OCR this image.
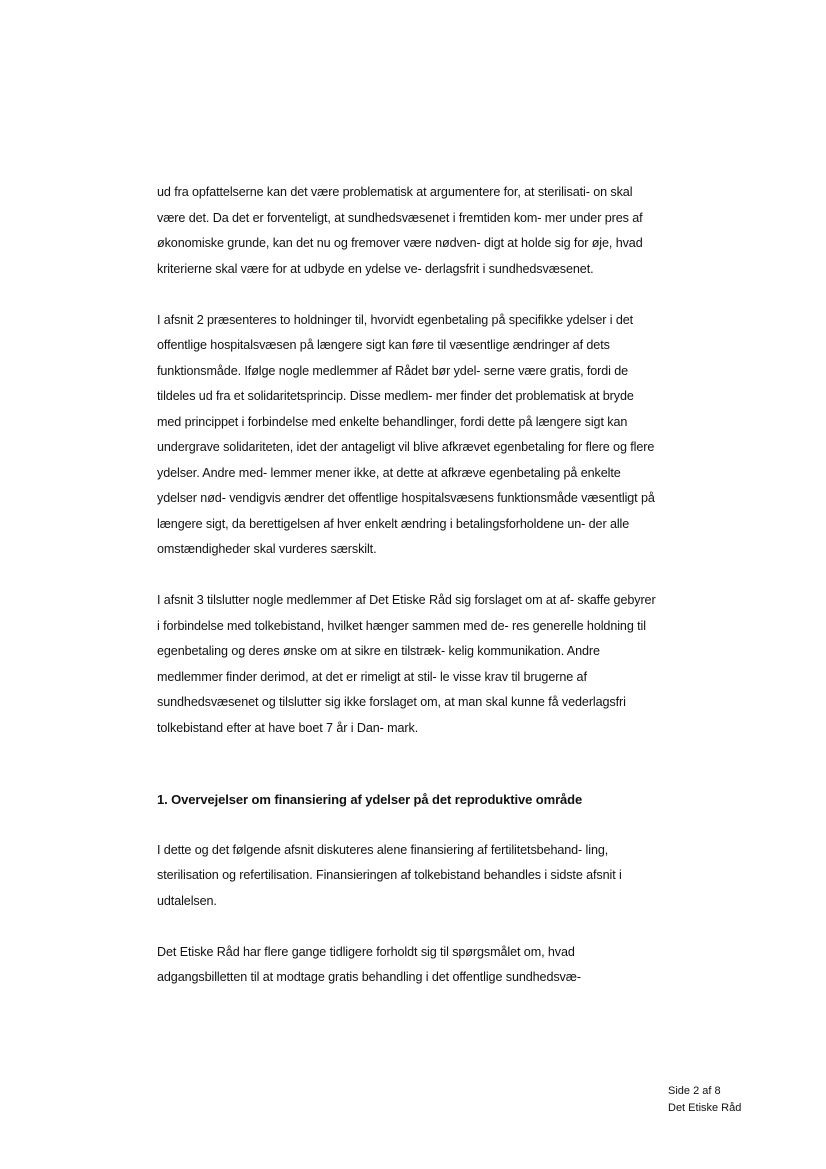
ud fra opfattelserne kan det være problematisk at argumentere for, at sterilisati- on skal være det. Da det er forventeligt, at sundhedsvæsenet i fremtiden kom- mer under pres af økonomiske grunde, kan det nu og fremover være nødven- digt at holde sig for øje, hvad kriterierne skal være for at udbyde en ydelse ve- derlagsfrit i sundhedsvæsenet.

I afsnit 2 præsenteres to holdninger til, hvorvidt egenbetaling på specifikke ydelser i det offentlige hospitalsvæsen på længere sigt kan føre til væsentlige ændringer af dets funktionsmåde. Ifølge nogle medlemmer af Rådet bør ydel- serne være gratis, fordi de tildeles ud fra et solidaritetsprincip. Disse medlem- mer finder det problematisk at bryde med princippet i forbindelse med enkelte behandlinger, fordi dette på længere sigt kan undergrave solidariteten, idet der antageligt vil blive afkrævet egenbetaling for flere og flere ydelser. Andre med- lemmer mener ikke, at dette at afkræve egenbetaling på enkelte ydelser nød- vendigvis ændrer det offentlige hospitalsvæsens funktionsmåde væsentligt på længere sigt, da berettigelsen af hver enkelt ændring i betalingsforholdene un- der alle omstændigheder skal vurderes særskilt.

I afsnit 3 tilslutter nogle medlemmer af Det Etiske Råd sig forslaget om at af- skaffe gebyrer i forbindelse med tolkebistand, hvilket hænger sammen med de- res generelle holdning til egenbetaling og deres ønske om at sikre en tilstræk- kelig kommunikation. Andre medlemmer finder derimod, at det er rimeligt at stil- le visse krav til brugerne af sundhedsvæsenet og tilslutter sig ikke forslaget om, at man skal kunne få vederlagsfri tolkebistand efter at have boet 7 år i Dan- mark.

1. Overvejelser om finansiering af ydelser på det reproduktive område

I dette og det følgende afsnit diskuteres alene finansiering af fertilitetsbehand- ling, sterilisation og refertilisation. Finansieringen af tolkebistand behandles i sidste afsnit i udtalelsen.

Det Etiske Råd har flere gange tidligere forholdt sig til spørgsmålet om, hvad adgangsbilletten til at modtage gratis behandling i det offentlige sundhedsvæ-

Side 2 af 8
Det Etiske Råd
